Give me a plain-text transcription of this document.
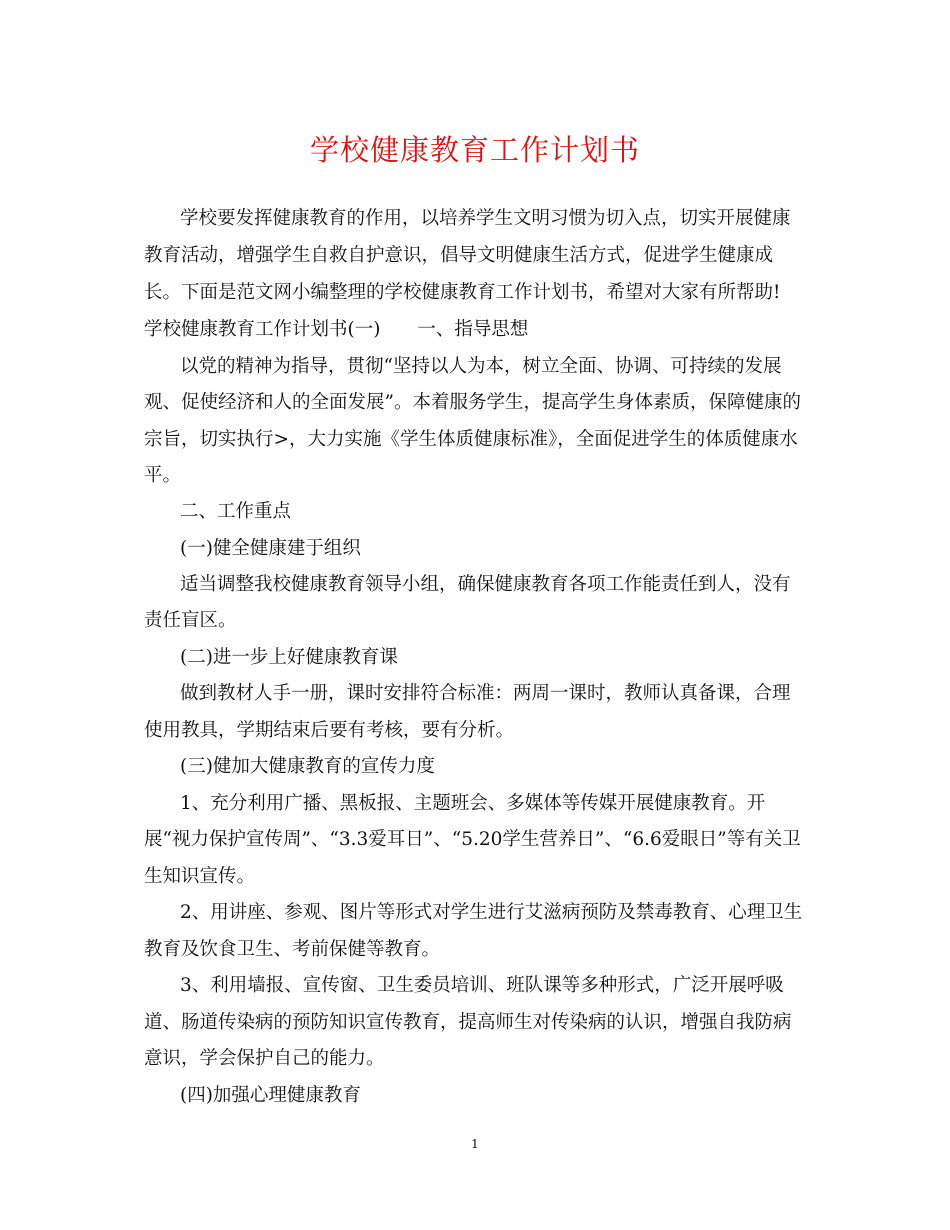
学校健康教育工作计划书
学校要发挥健康教育的作用，以培养学生文明习惯为切入点，切实开展健康
教育活动，增强学生自救自护意识，倡导文明健康生活方式，促进学生健康成
长。下面是范文网小编整理的学校健康教育工作计划书，希望对大家有所帮助!
学校健康教育工作计划书(一)　　一、指导思想
以党的精神为指导，贯彻“坚持以人为本，树立全面、协调、可持续的发展
观、促使经济和人的全面发展”。本着服务学生，提高学生身体素质，保障健康的
宗旨，切实执行>，大力实施《学生体质健康标准》，全面促进学生的体质健康水
平。
二、工作重点
(一)健全健康建于组织
适当调整我校健康教育领导小组，确保健康教育各项工作能责任到人，没有
责任盲区。
(二)进一步上好健康教育课
做到教材人手一册，课时安排符合标准：两周一课时，教师认真备课，合理
使用教具，学期结束后要有考核，要有分析。
(三)健加大健康教育的宣传力度
1、充分利用广播、黑板报、主题班会、多媒体等传媒开展健康教育。开
展“视力保护宣传周”、“3.3爱耳日”、“5.20学生营养日”、“6.6爱眼日”等有关卫
生知识宣传。
2、用讲座、参观、图片等形式对学生进行艾滋病预防及禁毒教育、心理卫生
教育及饮食卫生、考前保健等教育。
3、利用墙报、宣传窗、卫生委员培训、班队课等多种形式，广泛开展呼吸
道、肠道传染病的预防知识宣传教育，提高师生对传染病的认识，增强自我防病
意识，学会保护自己的能力。
(四)加强心理健康教育
1
